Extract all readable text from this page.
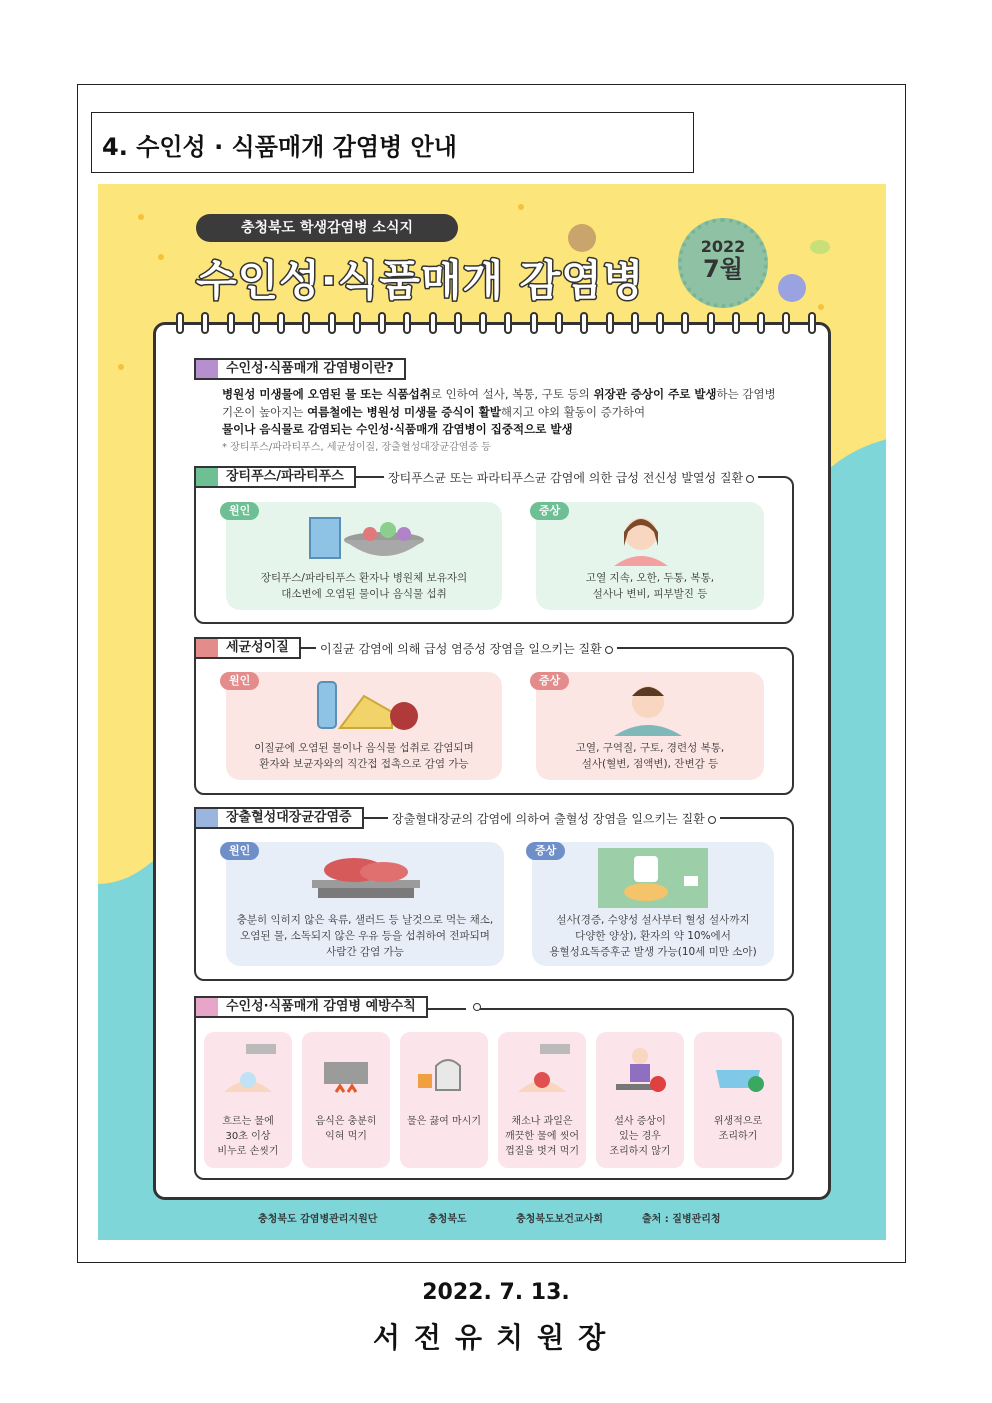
4. 수인성 · 식품매개 감염병 안내
충청북도 학생감염병 소식지
수인성·식품매개 감염병
2022
7월
수인성·식품매개 감염병이란?
병원성 미생물에 오염된 물 또는 식품섭취로 인하여 설사, 복통, 구토 등의 위장관 증상이 주로 발생하는 감염병
기온이 높아지는 여름철에는 병원성 미생물 증식이 활발해지고 야외 활동이 증가하여
물이나 음식물로 감염되는 수인성·식품매개 감염병이 집중적으로 발생
* 장티푸스/파라티푸스, 세균성이질, 장출혈성대장균감염증 등
장티푸스/파라티푸스	장티푸스균 또는 파라티푸스균 감염에 의한 급성 전신성 발열성 질환
원인
장티푸스/파라티푸스 환자나 병원체 보유자의
대소변에 오염된 물이나 음식물 섭취
증상
고열 지속, 오한, 두통, 복통,
설사나 변비, 피부발진 등
세균성이질	이질균 감염에 의해 급성 염증성 장염을 일으키는 질환
원인
이질균에 오염된 물이나 음식물 섭취로 감염되며
환자와 보균자와의 직간접 접촉으로 감염 가능
증상
고열, 구역질, 구토, 경련성 복통,
설사(혈변, 점액변), 잔변감 등
장출혈성대장균감염증	장출혈대장균의 감염에 의하여 출혈성 장염을 일으키는 질환
원인
충분히 익히지 않은 육류, 샐러드 등 날것으로 먹는 채소,
오염된 물, 소독되지 않은 우유 등을 섭취하여 전파되며
사람간 감염 가능
증상
설사(경증, 수양성 설사부터 혈성 설사까지
다양한 양상), 환자의 약 10%에서
용혈성요독증후군 발생 가능(10세 미만 소아)
수인성·식품매개 감염병 예방수칙
흐르는 물에
30초 이상
비누로 손씻기
음식은 충분히
익혀 먹기
물은 끓여 마시기	채소나 과일은
깨끗한 물에 씻어
껍질을 벗겨 먹기
설사 증상이
있는 경우
조리하지 않기
위생적으로
조리하기
충청북도 감염병관리지원단	충청북도	충청북도보건교사회	출처 : 질병관리청
2022. 7. 13.
서전유치원장
